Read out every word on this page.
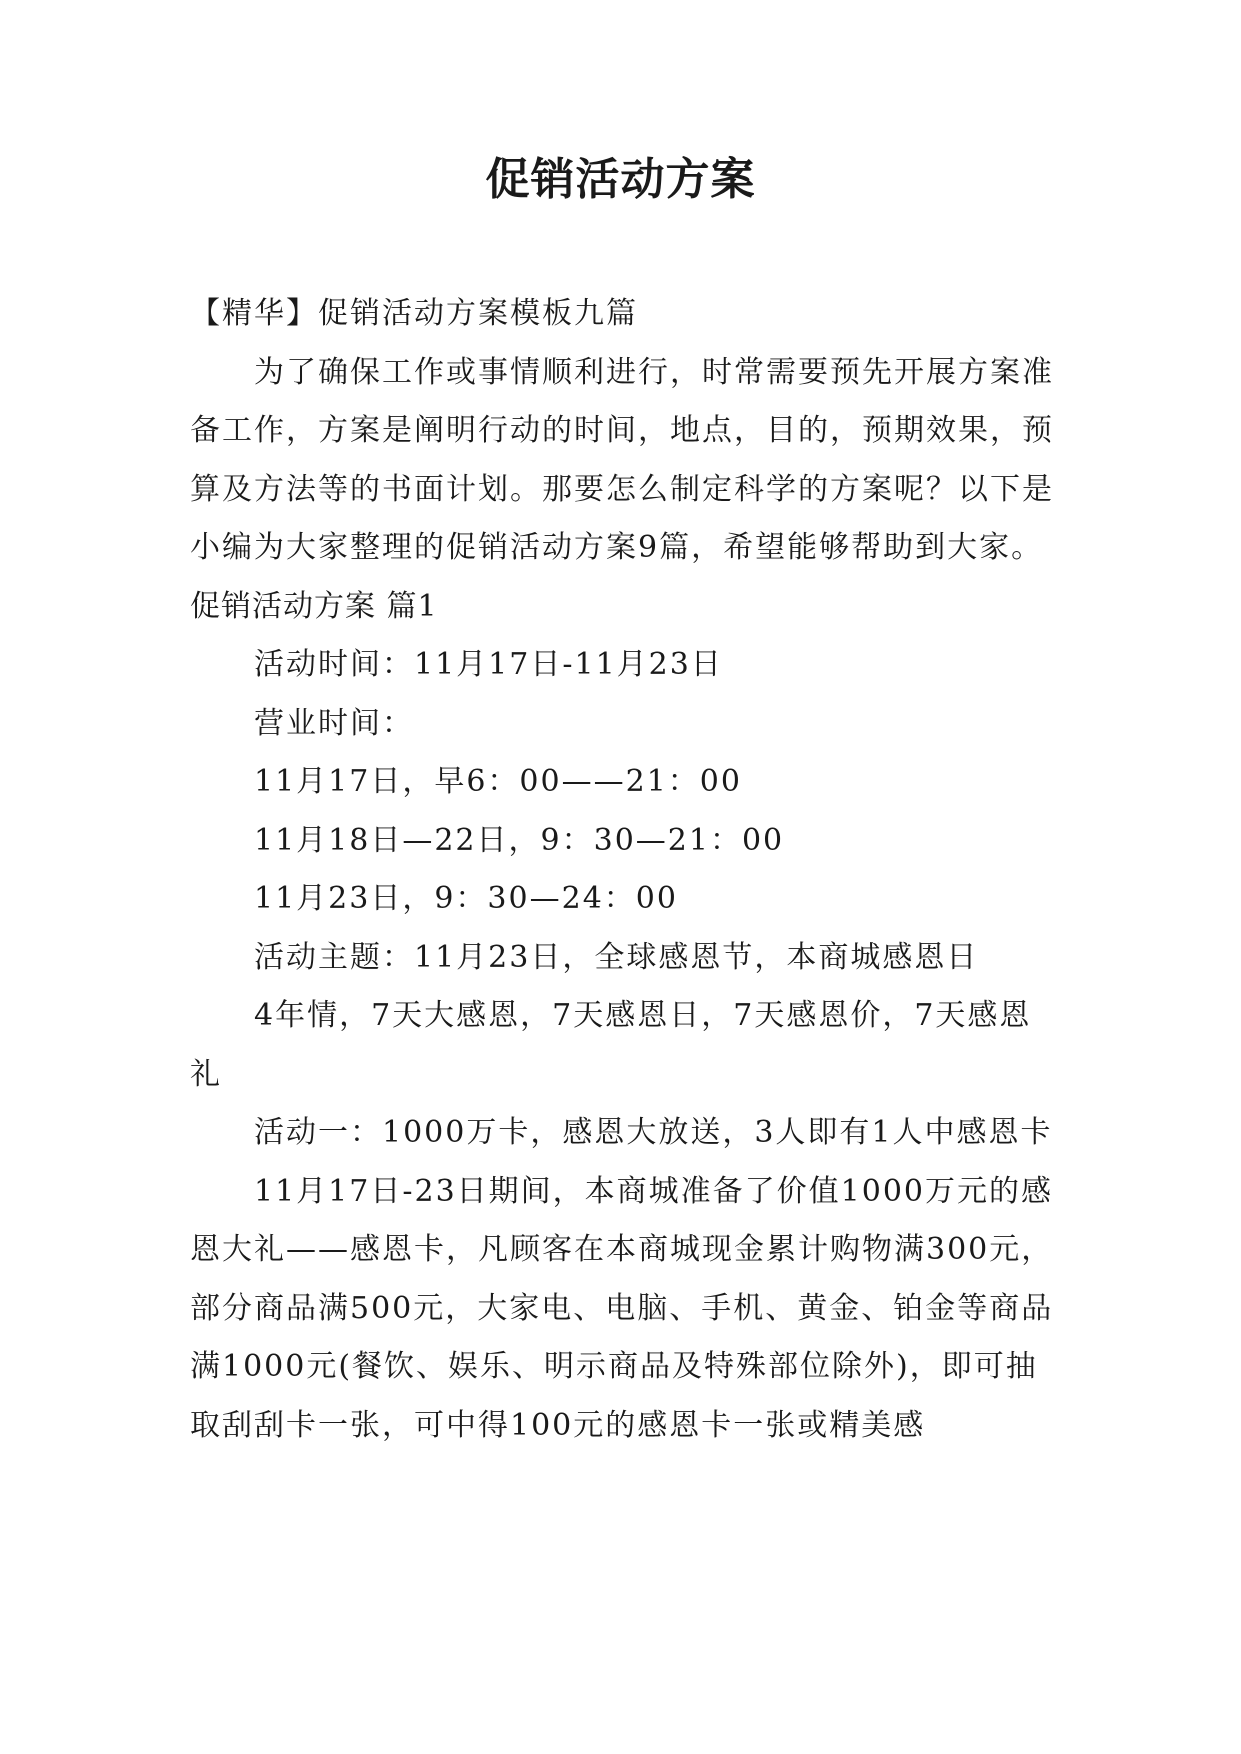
促销活动方案

【精华】促销活动方案模板九篇

为了确保工作或事情顺利进行，时常需要预先开展方案准备工作，方案是阐明行动的时间，地点，目的，预期效果，预算及方法等的书面计划。那要怎么制定科学的方案呢？以下是小编为大家整理的促销活动方案9篇，希望能够帮助到大家。

促销活动方案 篇1

活动时间：11月17日-11月23日

营业时间：

11月17日，早6：00——21：00

11月18日—22日，9：30—21：00

11月23日，9：30—24：00

活动主题：11月23日，全球感恩节，本商城感恩日

4年情，7天大感恩，7天感恩日，7天感恩价，7天感恩礼

活动一：1000万卡，感恩大放送，3人即有1人中感恩卡

11月17日-23日期间，本商城准备了价值1000万元的感恩大礼——感恩卡，凡顾客在本商城现金累计购物满300元，部分商品满500元，大家电、电脑、手机、黄金、铂金等商品满1000元(餐饮、娱乐、明示商品及特殊部位除外)，即可抽取刮刮卡一张，可中得100元的感恩卡一张或精美感
